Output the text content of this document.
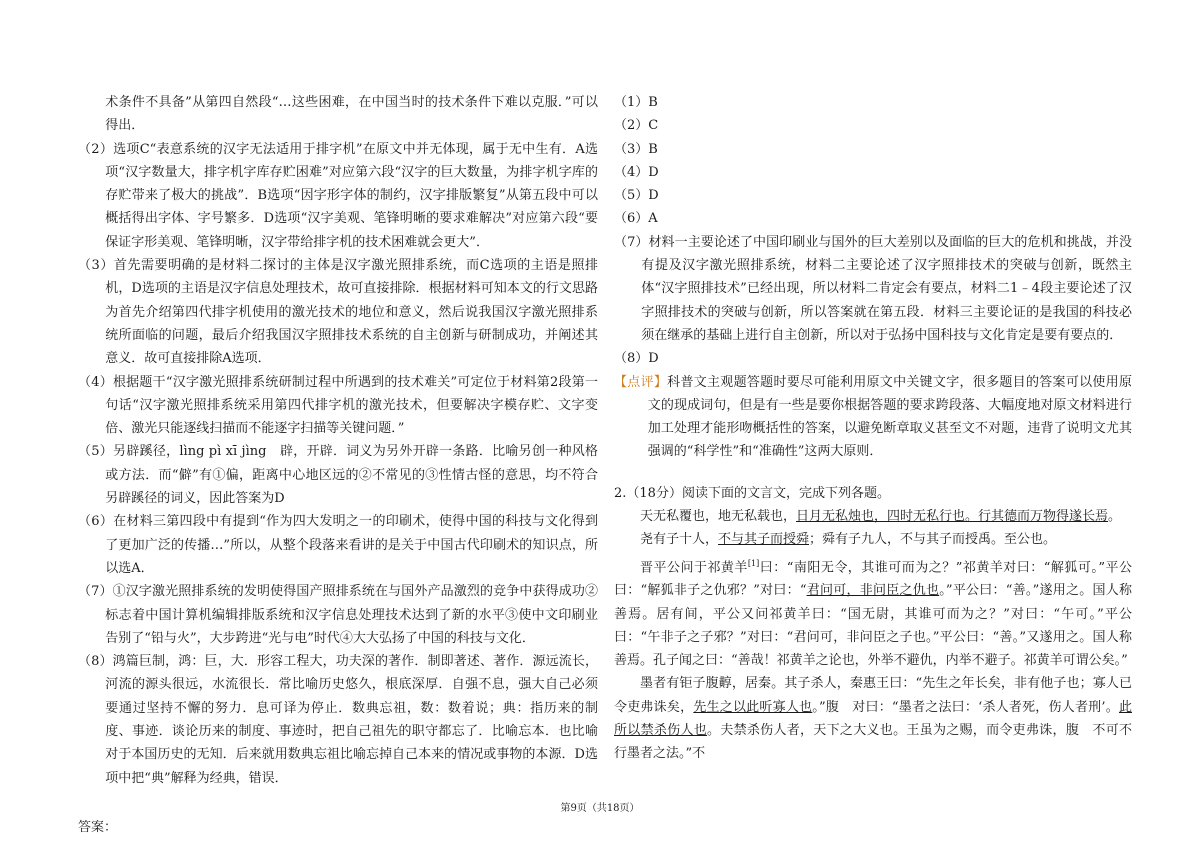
术条件不具备”从第四自然段“…这些困难，在中国当时的技术条件下难以克服．”可以得出．

（2）选项C“表意系统的汉字无法适用于排字机”在原文中并无体现，属于无中生有．A选项“汉字数量大，排字机字库存贮困难”对应第六段“汉字的巨大数量，为排字机字库的存贮带来了极大的挑战”．B选项“因字形字体的制约，汉字排版繁复”从第五段中可以概括得出字体、字号繁多．D选项“汉字美观、笔锋明晰的要求难解决”对应第六段“要保证字形美观、笔锋明晰，汉字带给排字机的技术困难就会更大”．

（3）首先需要明确的是材料二探讨的主体是汉字激光照排系统，而C选项的主语是照排机，D选项的主语是汉字信息处理技术，故可直接排除．根据材料可知本文的行文思路为首先介绍第四代排字机使用的激光技术的地位和意义，然后说我国汉字激光照排系统所面临的问题，最后介绍我国汉字照排技术系统的自主创新与研制成功，并阐述其意义．故可直接排除A选项．

（4）根据题干“汉字激光照排系统研制过程中所遇到的技术难关”可定位于材料第2段第一句话“汉字激光照排系统采用第四代排字机的激光技术，但要解决字模存贮、文字变倍、激光只能逐线扫描而不能逐字扫描等关键问题．”

（5）另辟蹊径，lìng pì xī jìng　辟，开辟．词义为另外开辟一条路．比喻另创一种风格或方法．而“僻”有①偏，距离中心地区远的②不常见的③性情古怪的意思，均不符合另辟蹊径的词义，因此答案为D

（6）在材料三第四段中有提到“作为四大发明之一的印刷术，使得中国的科技与文化得到了更加广泛的传播…”所以，从整个段落来看讲的是关于中国古代印刷术的知识点，所以选A．

（7）①汉字激光照排系统的发明使得国产照排系统在与国外产品激烈的竞争中获得成功②标志着中国计算机编辑排版系统和汉字信息处理技术达到了新的水平③使中文印刷业告别了“铅与火”，大步跨进“光与电”时代④大大弘扬了中国的科技与文化．

（8）鸿篇巨制，鸿：巨，大．形容工程大，功夫深的著作．制即著述、著作．源远流长，河流的源头很远，水流很长．常比喻历史悠久，根底深厚．自强不息，强大自己必须要通过坚持不懈的努力．息可译为停止．数典忘祖，数：数着说；典：指历来的制度、事迹．谈论历来的制度、事迹时，把自己祖先的职守都忘了．比喻忘本．也比喻对于本国历史的无知．后来就用数典忘祖比喻忘掉自己本来的情况或事物的本源．D选项中把“典”解释为经典，错误．

答案：

（1）B

（2）C

（3）B

（4）D

（5）D

（6）A

（7）材料一主要论述了中国印刷业与国外的巨大差别以及面临的巨大的危机和挑战，并没有提及汉字激光照排系统，材料二主要论述了汉字照排技术的突破与创新，既然主体“汉字照排技术”已经出现，所以材料二肯定会有要点，材料二1﹣4段主要论述了汉字照排技术的突破与创新，所以答案就在第五段．材料三主要论证的是我国的科技必须在继承的基础上进行自主创新，所以对于弘扬中国科技与文化肯定是要有要点的．

（8）D

【点评】科普文主观题答题时要尽可能利用原文中关键文字，很多题目的答案可以使用原文的现成词句，但是有一些是要你根据答题的要求跨段落、大幅度地对原文材料进行加工处理才能形吻概括性的答案，以避免断章取义甚至文不对题，违背了说明文尤其强调的“科学性”和“准确性”这两大原则．

2.（18分）阅读下面的文言文，完成下列各题。

天无私覆也，地无私载也，日月无私烛也，四时无私行也。行其德而万物得遂长焉。

尧有子十人，不与其子而授舜；舜有子九人，不与其子而授禹。至公也。

晋平公问于祁黄羊[1]曰：“南阳无令，其谁可而为之？”祁黄羊对曰：“解狐可。”平公曰：“解狐非子之仇邪？”对曰：“君问可，非问臣之仇也。”平公曰：“善。”遂用之。国人称善焉。居有间，平公又问祁黄羊曰：“国无尉，其谁可而为之？”对曰：“午可。”平公曰：“午非子之子邪？”对曰：“君问可，非问臣之子也。”平公曰：“善。”又遂用之。国人称善焉。孔子闻之曰：“善哉！祁黄羊之论也，外举不避仇，内举不避子。祁黄羊可谓公矣。”

墨者有钜子腹䵍，居秦。其子杀人，秦惠王曰：“先生之年长矣，非有他子也；寡人已令吏弗诛矣，先生之以此听寡人也。”腹　对曰：“墨者之法曰：‘杀人者死，伤人者刑’。此所以禁杀伤人也。夫禁杀伤人者，天下之大义也。王虽为之赐，而令吏弗诛，腹　不可不行墨者之法。”不

第9页（共18页）
